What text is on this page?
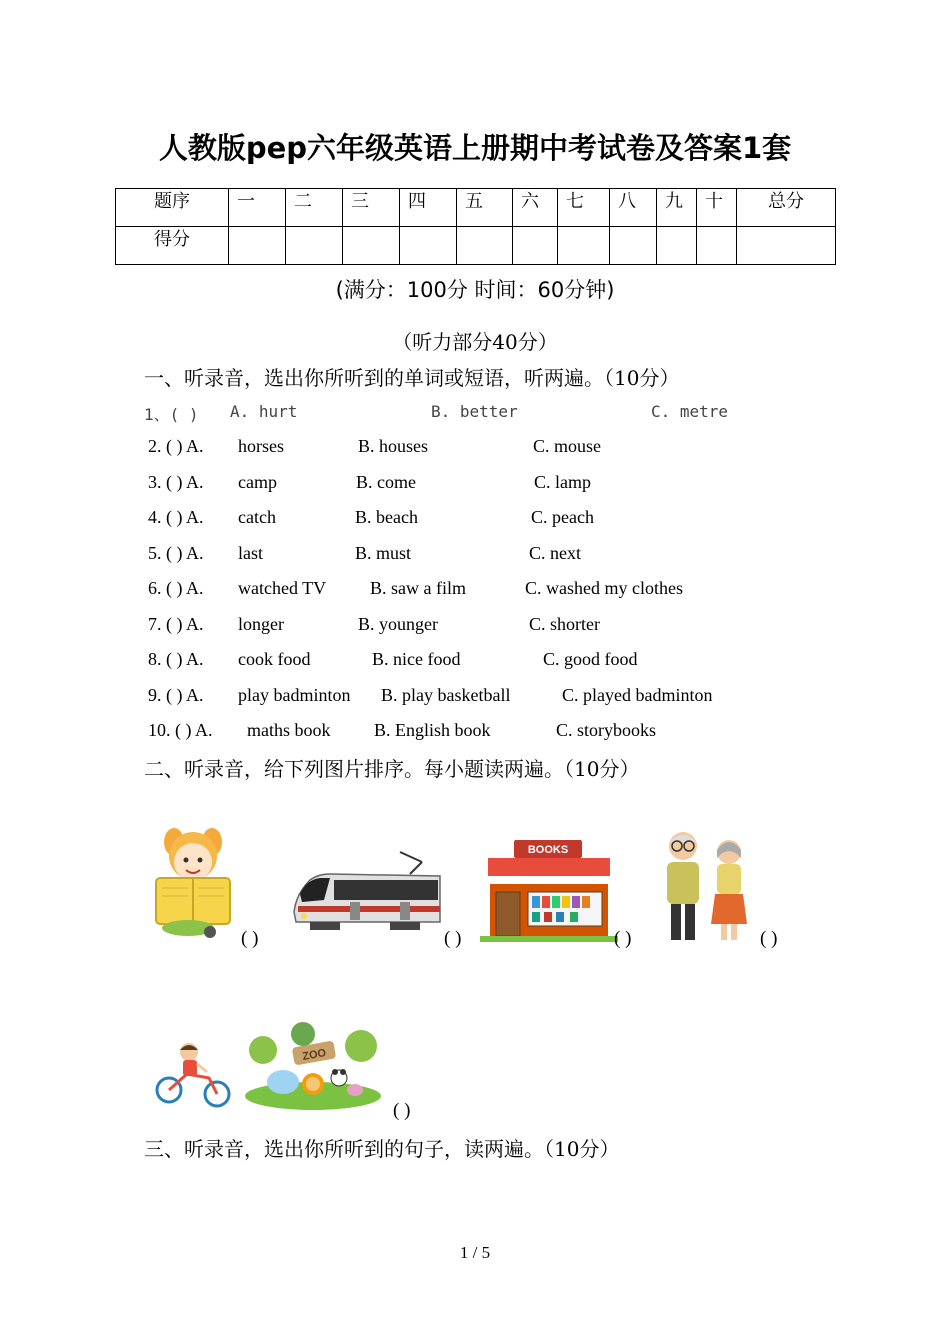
人教版pep六年级英语上册期中考试卷及答案1套
题序	一	二	三	四	五	六	七	八	九	十	总分
得分											
(满分：100分 时间：60分钟)
（听力部分40分）
一、听录音，选出你所听到的单词或短语，听两遍。（10分）
1、( ) A. hurt	B. better	C. metre
2. ( ) A. horses	B. houses	C. mouse
3. ( ) A. camp	B. come	C. lamp
4. ( ) A. catch	B. beach	C. peach
5. ( ) A. last	B. must	C. next
6. ( ) A. watched TV B. saw a film	C. washed my clothes
7. ( ) A. longer	B. younger	C. shorter
8. ( ) A. cook food	B. nice food	C. good food
9. ( ) A. play badminton B. play basketball	C. played badminton
10. ( ) A. maths book B. English book	C. storybooks
二、听录音，给下列图片排序。每小题读两遍。（10分）
( )	( )
BOOKS
( )	( )
ZOO
( )
三、听录音，选出你所听到的句子，读两遍。（10分）
1 / 5
